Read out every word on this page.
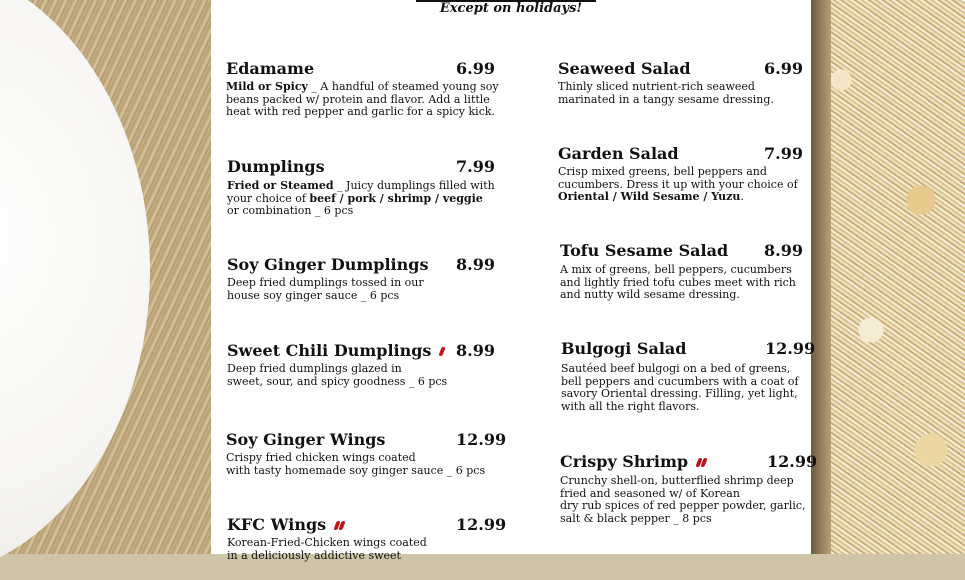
Except on holidays!
Edamame	6.99
Mild or Spicy _ A handful of steamed young soy
beans packed w/ protein and flavor. Add a little
heat with red pepper and garlic for a spicy kick.
Dumplings	7.99
Fried or Steamed _ Juicy dumplings filled with
your choice of beef / pork / shrimp / veggie
or combination _ 6 pcs
Soy Ginger Dumplings 8.99
Deep fried dumplings tossed in our
house soy ginger sauce _ 6 pcs
Sweet Chili Dumplings	8.99
Deep fried dumplings glazed in
sweet, sour, and spicy goodness _ 6 pcs
Soy Ginger Wings	12.99
Crispy fried chicken wings coated
with tasty homemade soy ginger sauce _ 6 pcs
KFC Wings	12.99
Korean-Fried-Chicken wings coated
in a deliciously addictive sweet
Seaweed Salad	6.99
Thinly sliced nutrient-rich seaweed
marinated in a tangy sesame dressing.
Garden Salad	7.99
Crisp mixed greens, bell peppers and
cucumbers. Dress it up with your choice of
Oriental / Wild Sesame / Yuzu.
Tofu Sesame Salad 8.99
A mix of greens, bell peppers, cucumbers
and lightly fried tofu cubes meet with rich
and nutty wild sesame dressing.
Bulgogi Salad	12.99
Sautéed beef bulgogi on a bed of greens,
bell peppers and cucumbers with a coat of
savory Oriental dressing. Filling, yet light,
with all the right flavors.
Crispy Shrimp	12.99
Crunchy shell-on, butterflied shrimp deep
fried and seasoned w/ of Korean
dry rub spices of red pepper powder, garlic,
salt & black pepper _ 8 pcs
